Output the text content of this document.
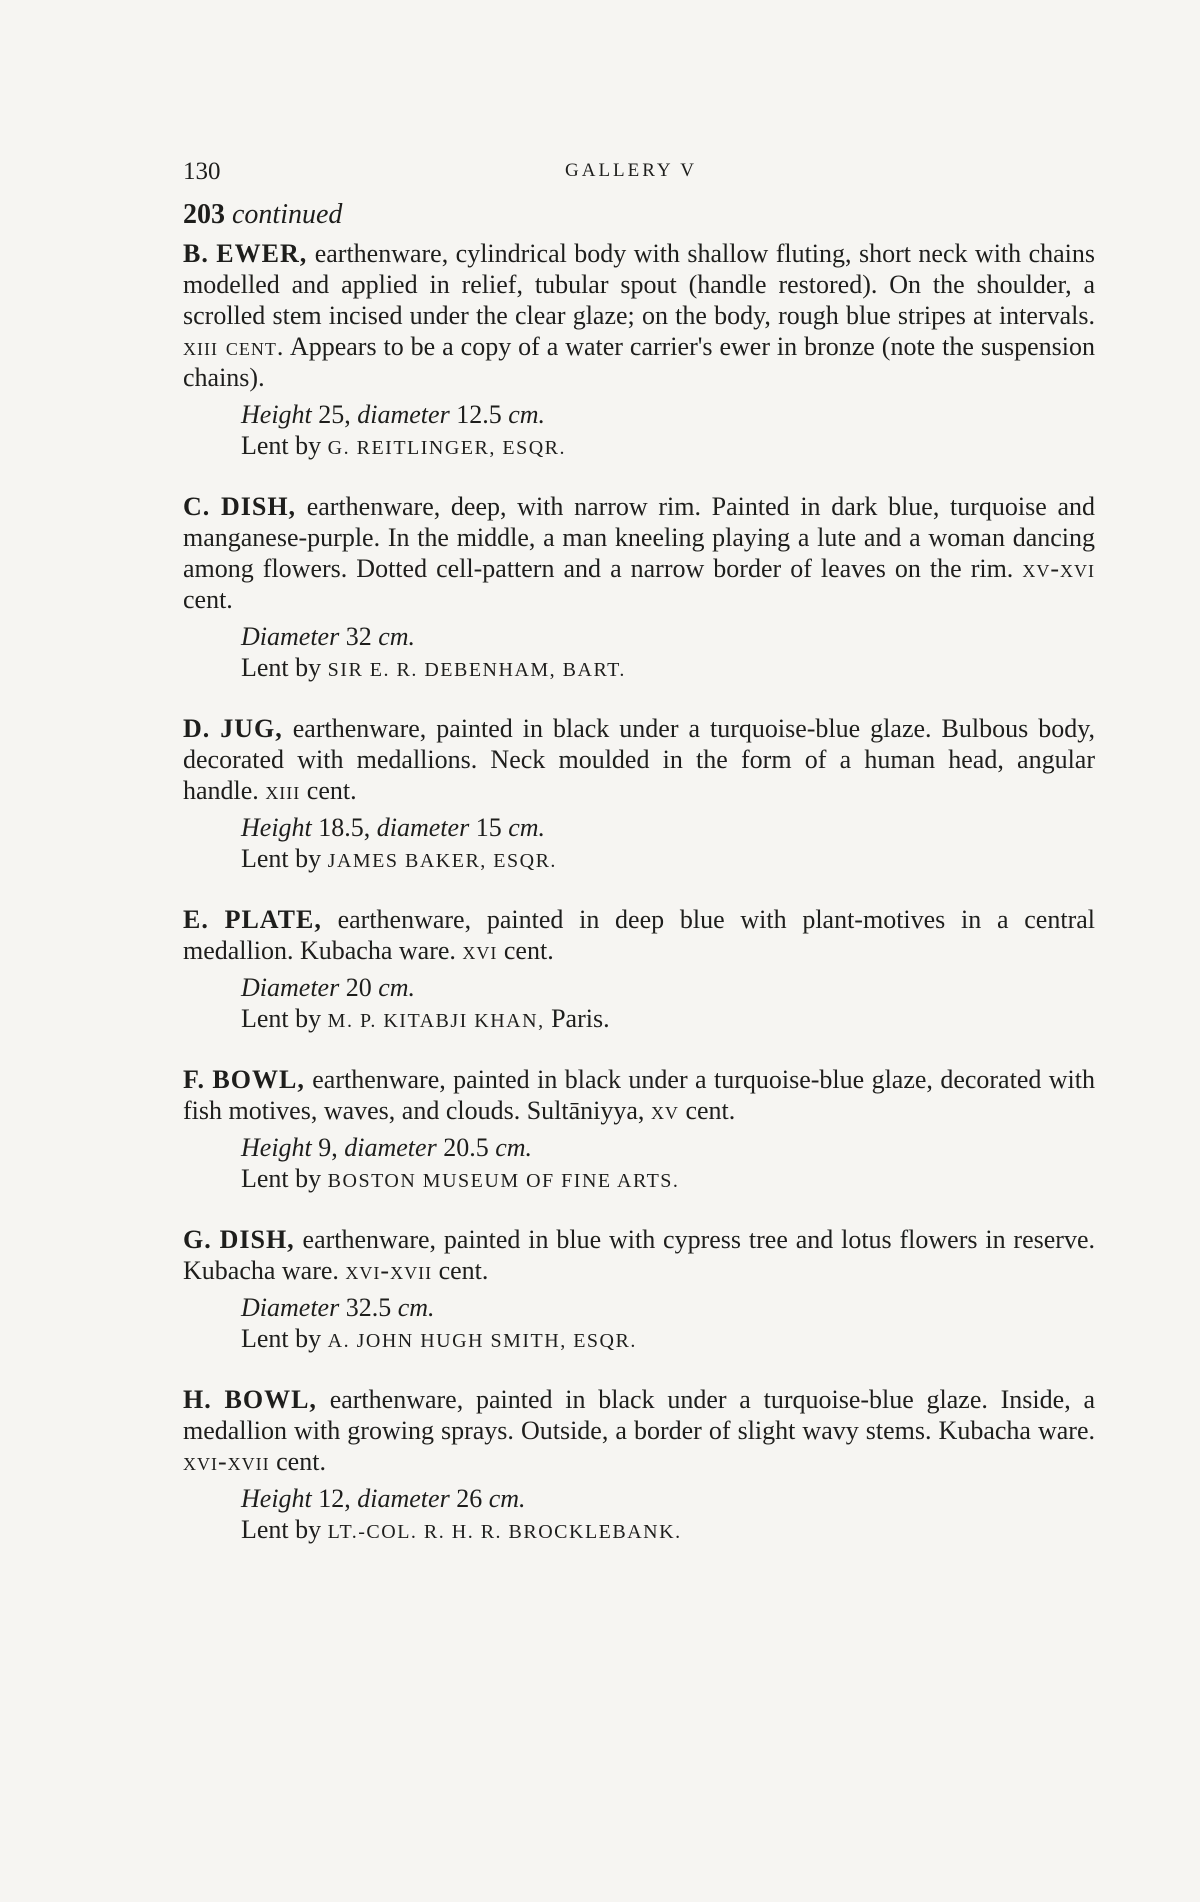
130	GALLERY V

203 continued

B. EWER, earthenware, cylindrical body with shallow fluting, short neck with chains modelled and applied in relief, tubular spout (handle restored). On the shoulder, a scrolled stem incised under the clear glaze; on the body, rough blue stripes at intervals. xiii cent. Appears to be a copy of a water carrier's ewer in bronze (note the suspension chains).

Height 25, diameter 12.5 cm.
Lent by G. REITLINGER, ESQR.

C. DISH, earthenware, deep, with narrow rim. Painted in dark blue, turquoise and manganese-purple. In the middle, a man kneeling playing a lute and a woman dancing among flowers. Dotted cell-pattern and a narrow border of leaves on the rim. xv-xvi cent.

Diameter 32 cm.
Lent by SIR E. R. DEBENHAM, BART.

D. JUG, earthenware, painted in black under a turquoise-blue glaze. Bulbous body, decorated with medallions. Neck moulded in the form of a human head, angular handle. xiii cent.

Height 18.5, diameter 15 cm.
Lent by JAMES BAKER, ESQR.

E. PLATE, earthenware, painted in deep blue with plant-motives in a central medallion. Kubacha ware. xvi cent.

Diameter 20 cm.
Lent by M. P. KITABJI KHAN, Paris.

F. BOWL, earthenware, painted in black under a turquoise-blue glaze, decorated with fish motives, waves, and clouds. Sultāniyya, xv cent.

Height 9, diameter 20.5 cm.
Lent by BOSTON MUSEUM OF FINE ARTS.

G. DISH, earthenware, painted in blue with cypress tree and lotus flowers in reserve. Kubacha ware. xvi-xvii cent.

Diameter 32.5 cm.
Lent by A. JOHN HUGH SMITH, ESQR.

H. BOWL, earthenware, painted in black under a turquoise-blue glaze. Inside, a medallion with growing sprays. Outside, a border of slight wavy stems. Kubacha ware. xvi-xvii cent.

Height 12, diameter 26 cm.
Lent by LT.-COL. R. H. R. BROCKLEBANK.
